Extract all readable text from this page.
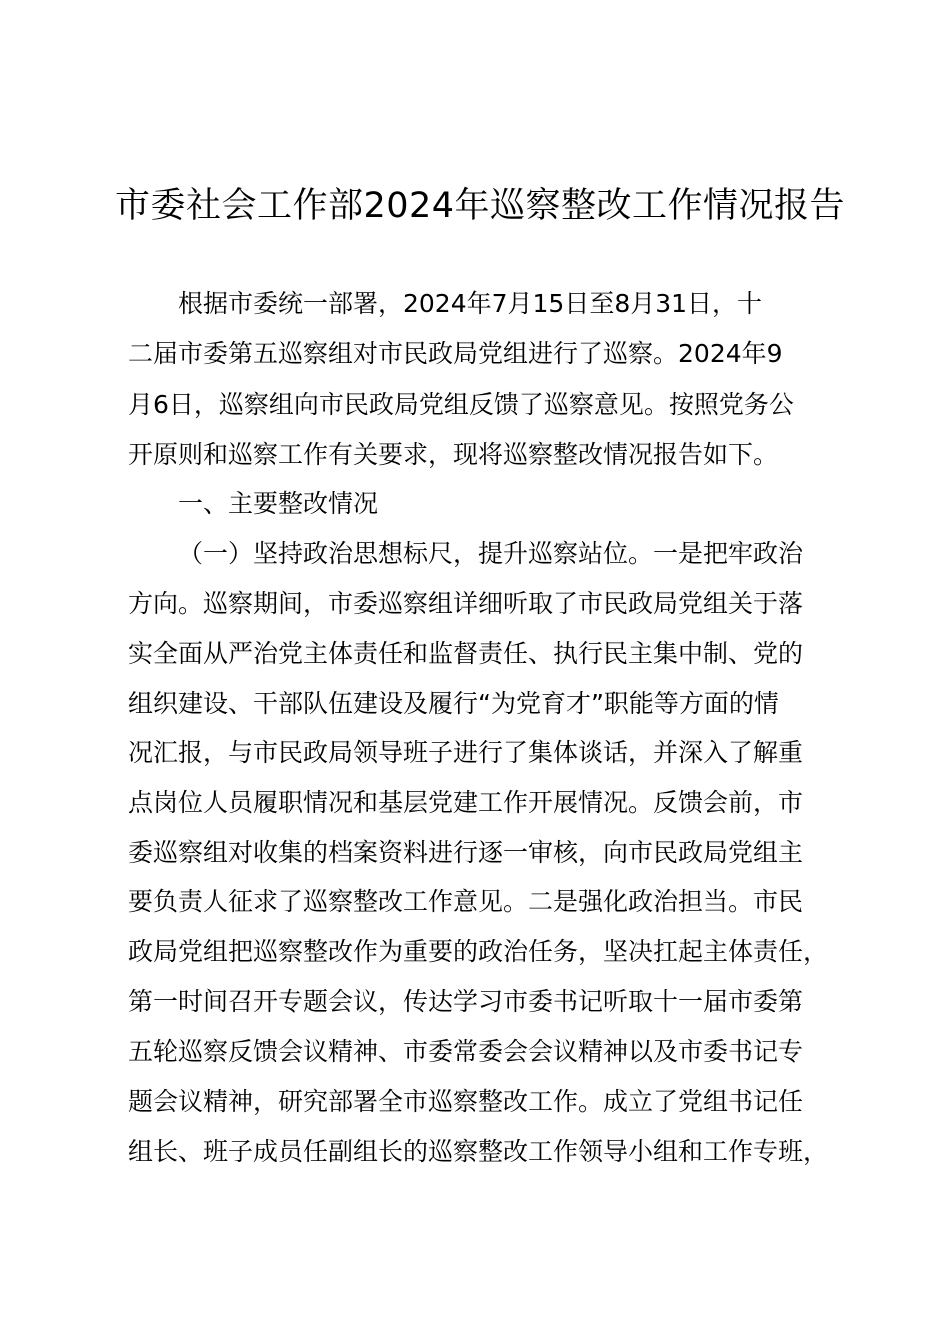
市委社会工作部2024年巡察整改工作情况报告

根据市委统一部署，2024年7月15日至8月31日，十

二届市委第五巡察组对市民政局党组进行了巡察。2024年9

月6日，巡察组向市民政局党组反馈了巡察意见。按照党务公

开原则和巡察工作有关要求，现将巡察整改情况报告如下。

一、主要整改情况

（一）坚持政治思想标尺，提升巡察站位。一是把牢政治

方向。巡察期间，市委巡察组详细听取了市民政局党组关于落

实全面从严治党主体责任和监督责任、执行民主集中制、党的

组织建设、干部队伍建设及履行“为党育才”职能等方面的情

况汇报，与市民政局领导班子进行了集体谈话，并深入了解重

点岗位人员履职情况和基层党建工作开展情况。反馈会前，市

委巡察组对收集的档案资料进行逐一审核，向市民政局党组主

要负责人征求了巡察整改工作意见。二是强化政治担当。市民

政局党组把巡察整改作为重要的政治任务，坚决扛起主体责任，

第一时间召开专题会议，传达学习市委书记听取十一届市委第

五轮巡察反馈会议精神、市委常委会会议精神以及市委书记专

题会议精神，研究部署全市巡察整改工作。成立了党组书记任

组长、班子成员任副组长的巡察整改工作领导小组和工作专班，
